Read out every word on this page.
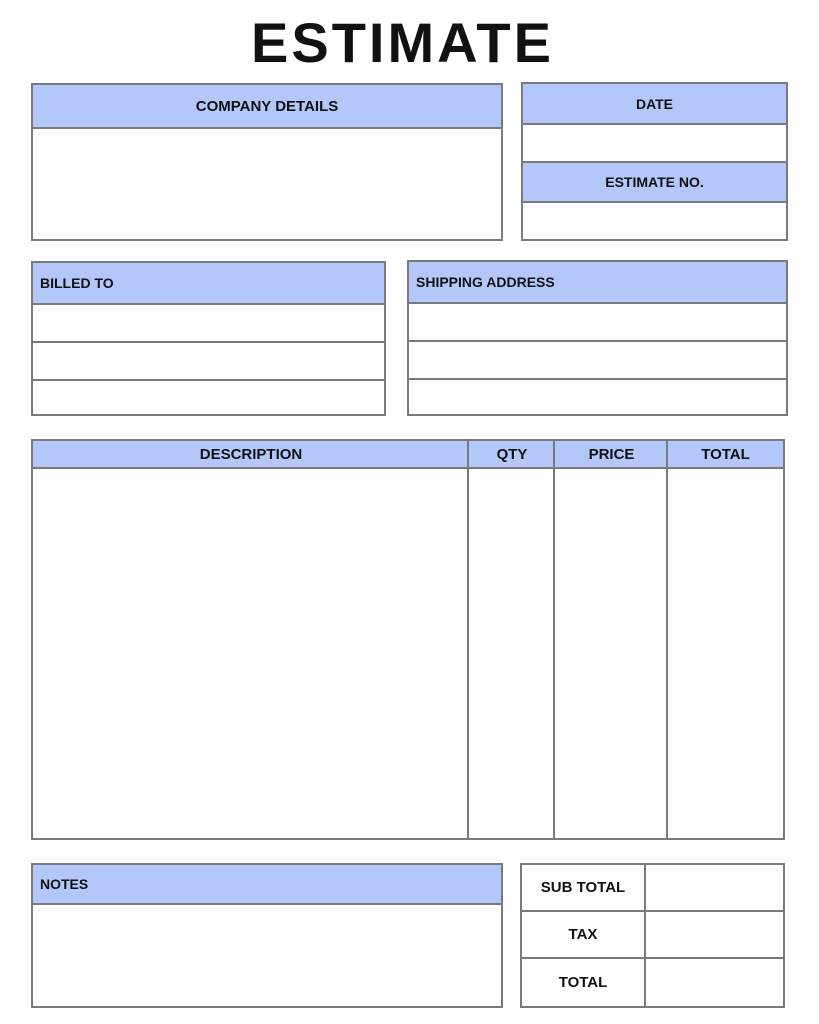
ESTIMATE
COMPANY DETAILS	DATE
ESTIMATE NO.
BILLED TO	SHIPPING ADDRESS
DESCRIPTION	QTY	PRICE	TOTAL
NOTES	SUB TOTAL
TAX
TOTAL
